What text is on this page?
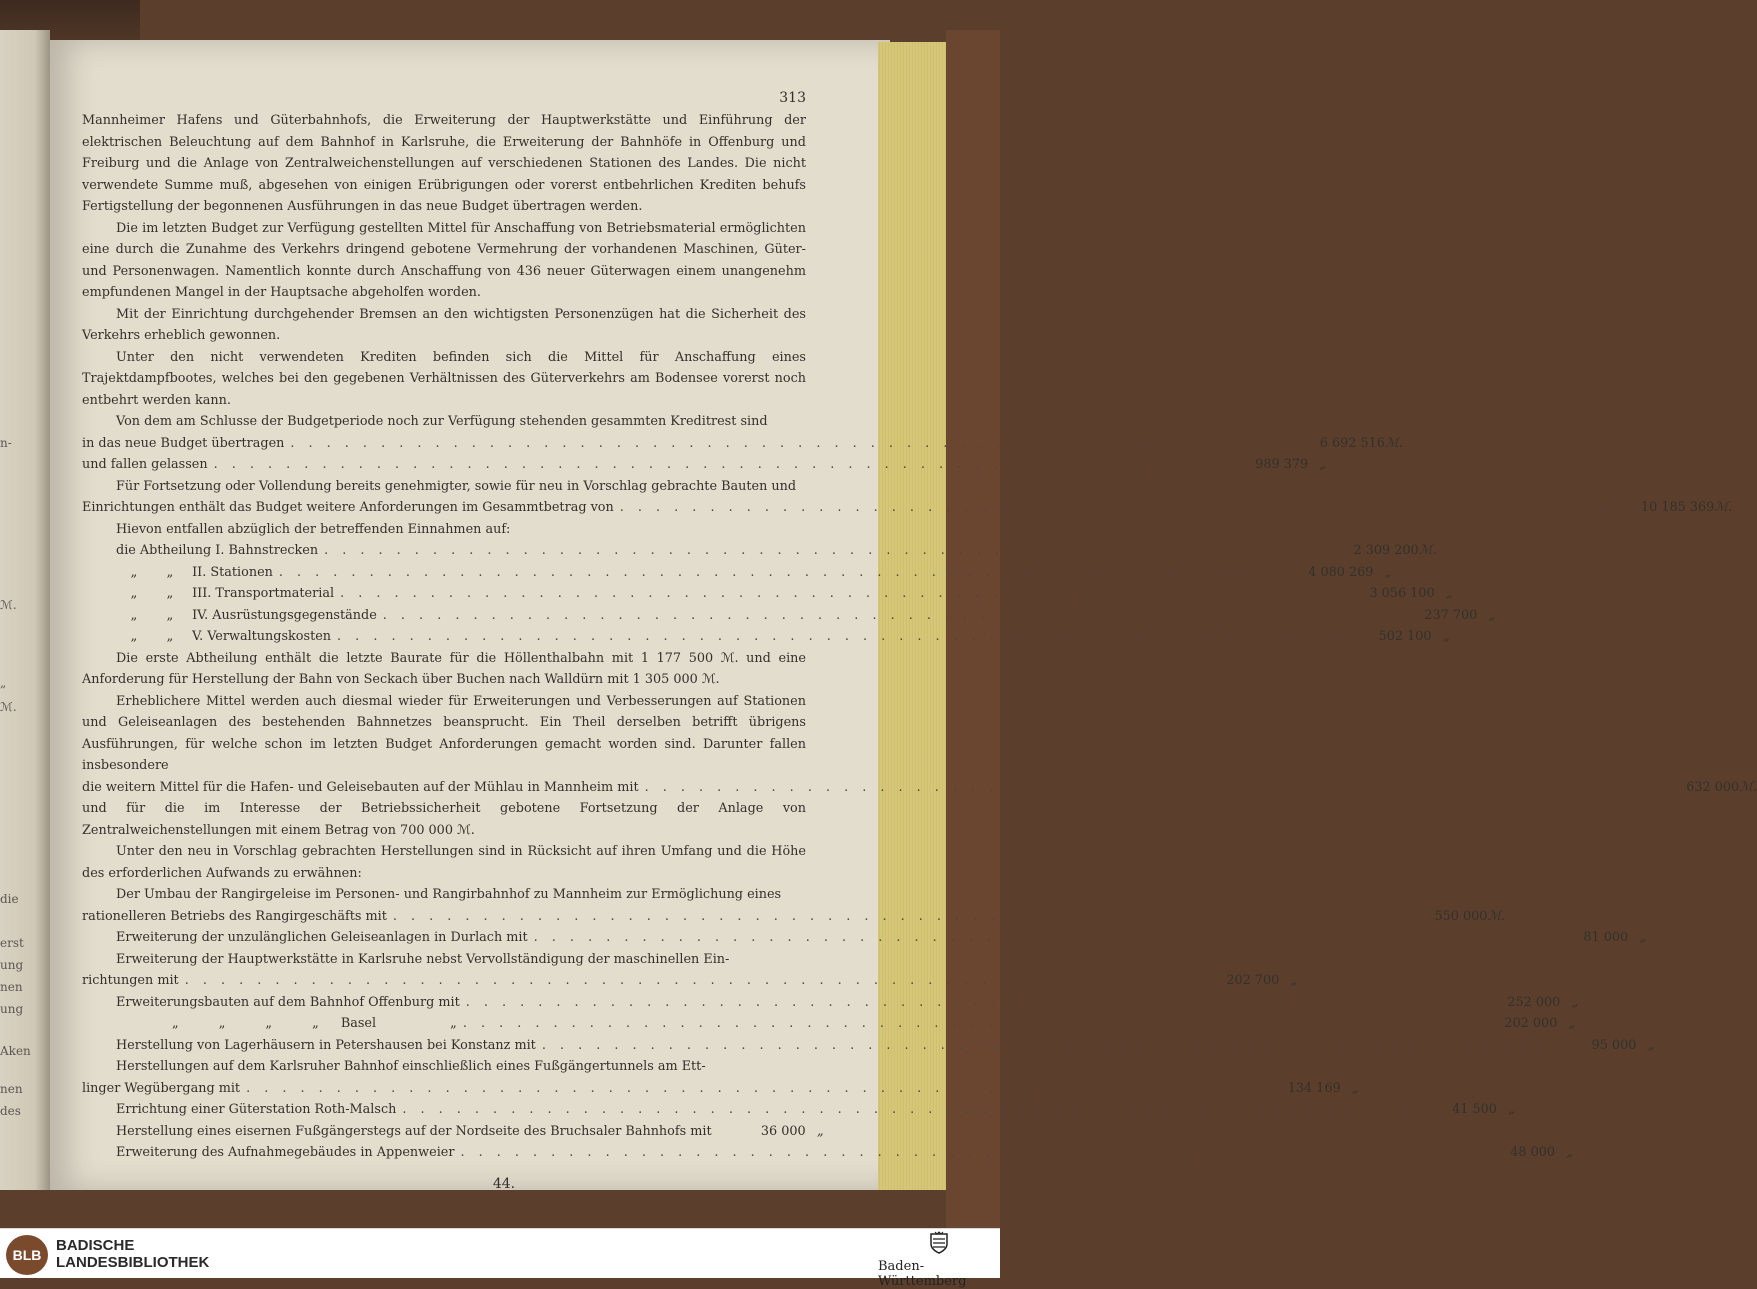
n-
ℳ.
„
ℳ.
die
erst
ung
nen
ung
Aken
nen
des
313

Mannheimer Hafens und Güterbahnhofs, die Erweiterung der Hauptwerkstätte und Einführung der elektrischen Beleuchtung auf dem Bahnhof in Karlsruhe, die Erweiterung der Bahnhöfe in Offenburg und Freiburg und die Anlage von Zentralweichenstellungen auf verschiedenen Stationen des Landes. Die nicht verwendete Summe muß, abgesehen von einigen Erübrigungen oder vorerst entbehrlichen Krediten behufs Fertigstellung der begonnenen Ausführungen in das neue Budget übertragen werden.

Die im letzten Budget zur Verfügung gestellten Mittel für Anschaffung von Betriebsmaterial ermöglichten eine durch die Zunahme des Verkehrs dringend gebotene Vermehrung der vorhandenen Maschinen, Güter- und Personenwagen. Namentlich konnte durch Anschaffung von 436 neuer Güterwagen einem unangenehm empfundenen Mangel in der Hauptsache abgeholfen worden.

Mit der Einrichtung durchgehender Bremsen an den wichtigsten Personenzügen hat die Sicherheit des Verkehrs erheblich gewonnen.

Unter den nicht verwendeten Krediten befinden sich die Mittel für Anschaffung eines Trajektdampfbootes, welches bei den gegebenen Verhältnissen des Güterverkehrs am Bodensee vorerst noch entbehrt werden kann.

Von dem am Schlusse der Budgetperiode noch zur Verfügung stehenden gesammten Kreditrest sind

in das neue Budget übertragen . . . . . . . . . . . . . . . . . . . . . . . . . . . . . . . . . . . . . . . . . . . . . . . . . . . . . . . .	6 692 516 ℳ.
und fallen gelassen . . . . . . . . . . . . . . . . . . . . . . . . . . . . . . . . . . . . . . . . . . . . . . . . . . . . . . . .	989 379 „

Für Fortsetzung oder Vollendung bereits genehmigter, sowie für neu in Vorschlag gebrachte Bauten und

Einrichtungen enthält das Budget weitere Anforderungen im Gesammtbetrag von . . . . . . . . . . . . . . . . . . . . . . . . . . . . . . . . . . . . . . . . . . . . . . . . . . . . . . . .	10 185 369 ℳ.

Hievon entfallen abzüglich der betreffenden Einnahmen auf:

die Abtheilung I. Bahnstrecken . . . . . . . . . . . . . . . . . . . . . . . . . . . . . . . . . . . . . . . . . . . . . . . . . . . . . . . .	2 309 200 ℳ.
„ „ II. Stationen . . . . . . . . . . . . . . . . . . . . . . . . . . . . . . . . . . . . . . . . . . . . . . . . . . . . . . . .	4 080 269 „
„ „ III. Transportmaterial . . . . . . . . . . . . . . . . . . . . . . . . . . . . . . . . . . . . . . . . . . . . . . . . . . . . . . . .	3 056 100 „
„ „ IV. Ausrüstungsgegenstände . . . . . . . . . . . . . . . . . . . . . . . . . . . . . . . . . . . . . . . . . . . . . . . . . . . . . . . .	237 700 „
„ „ V. Verwaltungskosten . . . . . . . . . . . . . . . . . . . . . . . . . . . . . . . . . . . . . . . . . . . . . . . . . . . . . . . .	502 100 „

Die erste Abtheilung enthält die letzte Baurate für die Höllenthalbahn mit 1 177 500 ℳ. und eine Anforderung für Herstellung der Bahn von Seckach über Buchen nach Walldürn mit 1 305 000 ℳ.

Erheblichere Mittel werden auch diesmal wieder für Erweiterungen und Verbesserungen auf Stationen und Geleiseanlagen des bestehenden Bahnnetzes beansprucht. Ein Theil derselben betrifft übrigens Ausführungen, für welche schon im letzten Budget Anforderungen gemacht worden sind. Darunter fallen insbesondere

die weitern Mittel für die Hafen- und Geleisebauten auf der Mühlau in Mannheim mit . . . . . . . . . . . . . . . . . . . . . . . . . . . . . . . . . . . . . . . . . . . . . . . . . . . . . . . .	632 000 ℳ.

und für die im Interesse der Betriebssicherheit gebotene Fortsetzung der Anlage von Zentralweichenstellungen mit einem Betrag von 700 000 ℳ.

Unter den neu in Vorschlag gebrachten Herstellungen sind in Rücksicht auf ihren Umfang und die Höhe des erforderlichen Aufwands zu erwähnen:

Der Umbau der Rangirgeleise im Personen- und Rangirbahnhof zu Mannheim zur Ermöglichung eines

rationelleren Betriebs des Rangirgeschäfts mit . . . . . . . . . . . . . . . . . . . . . . . . . . . . . . . . . . . . . . . . . . . . . . . . . . . . . . . .	550 000 ℳ.
Erweiterung der unzulänglichen Geleiseanlagen in Durlach mit . . . . . . . . . . . . . . . . . . . . . . . . . . . . . . . . . . . . . . . . . . . . . . . . . . . . . . . .	81 000 „

Erweiterung der Hauptwerkstätte in Karlsruhe nebst Vervollständigung der maschinellen Ein-

richtungen mit . . . . . . . . . . . . . . . . . . . . . . . . . . . . . . . . . . . . . . . . . . . . . . . . . . . . . . . .	202 700 „
Erweiterungsbauten auf dem Bahnhof Offenburg mit . . . . . . . . . . . . . . . . . . . . . . . . . . . . . . . . . . . . . . . . . . . . . . . . . . . . . . . .	252 000 „
„ „ „ „ Basel	„ . . . . . . . . . . . . . . . . . . . . . . . . . . . . . . . . . . . . . . . . . . . . . . . . . . . . . . . .	202 000 „
Herstellung von Lagerhäusern in Petershausen bei Konstanz mit . . . . . . . . . . . . . . . . . . . . . . . . . . . . . . . . . . . . . . . . . . . . . . . . . . . . . . . .	95 000 „

Herstellungen auf dem Karlsruher Bahnhof einschließlich eines Fußgängertunnels am Ett-

linger Wegübergang mit . . . . . . . . . . . . . . . . . . . . . . . . . . . . . . . . . . . . . . . . . . . . . . . . . . . . . . . .	134 169 „
Errichtung einer Güterstation Roth-Malsch . . . . . . . . . . . . . . . . . . . . . . . . . . . . . . . . . . . . . . . . . . . . . . . . . . . . . . . .	41 500 „
Herstellung eines eisernen Fußgängerstegs auf der Nordseite des Bruchsaler Bahnhofs mit	36 000 „
Erweiterung des Aufnahmegebäudes in Appenweier . . . . . . . . . . . . . . . . . . . . . . . . . . . . . . . . . . . . . . . . . . . . . . . . . . . . . . . .	48 000 „
44.
BLB
BADISCHE
LANDESBIBLIOTHEK	Baden-Württemberg
